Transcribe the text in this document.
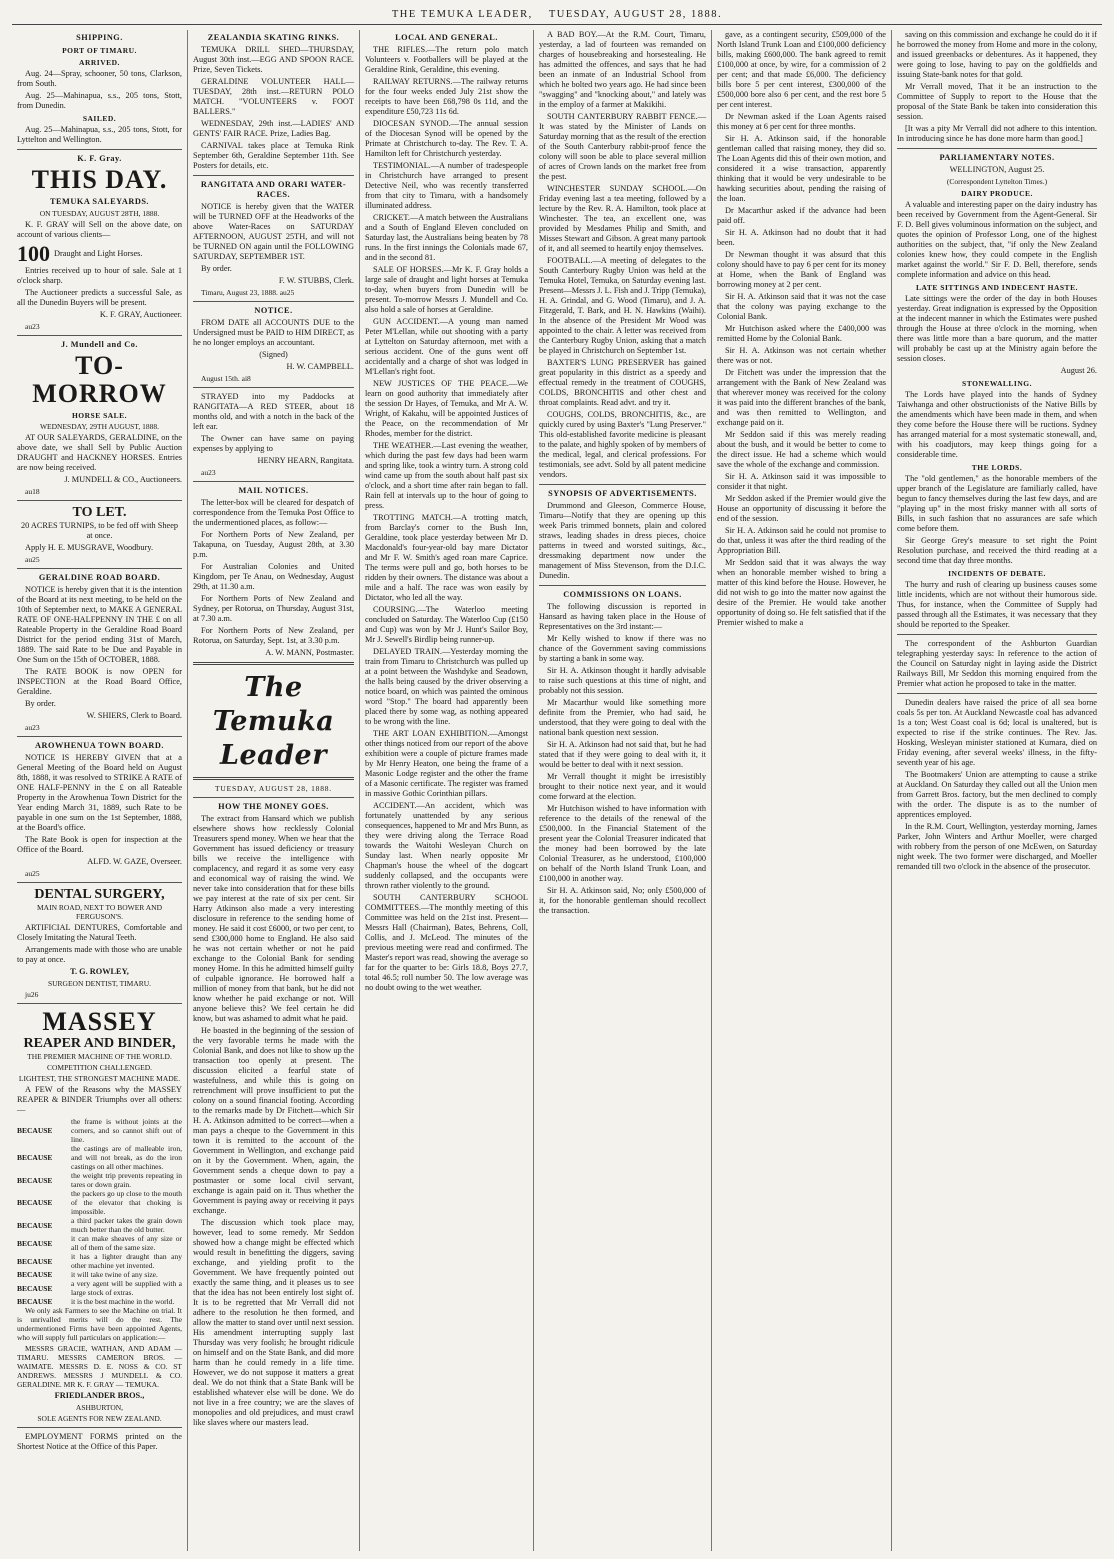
THE TEMUKA LEADER, TUESDAY, AUGUST 28, 1888.
SHIPPING.
PORT OF TIMARU.
ARRIVED.

Aug. 24—Spray, schooner, 50 tons, Clarkson, from South.

Aug. 25—Mahinapua, s.s., 205 tons, Stott, from Dunedin.

SAILED.

Aug. 25—Mahinapua, s.s., 205 tons, Stott, for Lyttelton and Wellington.

K. F. Gray.
THIS DAY.
TEMUKA SALEYARDS.

ON TUESDAY, AUGUST 28TH, 1888.

K. F. GRAY will Sell on the above date, on account of various clients—

100 Draught and Light Horses.

Entries received up to hour of sale. Sale at 1 o'clock sharp.

The Auctioneer predicts a successful Sale, as all the Dunedin Buyers will be present.

K. F. GRAY, Auctioneer.

au23

J. Mundell and Co.
TO-MORROW
HORSE SALE.

WEDNESDAY, 29TH AUGUST, 1888.

AT OUR SALEYARDS, GERALDINE, on the above date, we shall Sell by Public Auction DRAUGHT and HACKNEY HORSES. Entries are now being received.

J. MUNDELL & CO., Auctioneers.

au18

TO LET.

20 ACRES TURNIPS, to be fed off with Sheep at once.

Apply H. E. MUSGRAVE, Woodbury.

au25

GERALDINE ROAD BOARD.

NOTICE is hereby given that it is the intention of the Board at its next meeting, to be held on the 10th of September next, to MAKE A GENERAL RATE OF ONE-HALFPENNY IN THE £ on all Rateable Property in the Geraldine Road Board District for the period ending 31st of March, 1889. The said Rate to be Due and Payable in One Sum on the 15th of OCTOBER, 1888.

The RATE BOOK is now OPEN for INSPECTION at the Road Board Office, Geraldine.

By order.

W. SHIERS, Clerk to Board.

au23

AROWHENUA TOWN BOARD.

NOTICE IS HEREBY GIVEN that at a General Meeting of the Board held on August 8th, 1888, it was resolved to STRIKE A RATE of ONE HALF-PENNY in the £ on all Rateable Property in the Arowhenua Town District for the Year ending March 31, 1889, such Rate to be payable in one sum on the 1st September, 1888, at the Board's office.

The Rate Book is open for inspection at the Office of the Board.

ALFD. W. GAZE, Overseer.

au25

DENTAL SURGERY,

MAIN ROAD, NEXT TO BOWER AND FERGUSON'S.

ARTIFICIAL DENTURES, Comfortable and Closely Imitating the Natural Teeth.

Arrangements made with those who are unable to pay at once.

T. G. ROWLEY,

SURGEON DENTIST, TIMARU.

ju26

MASSEY
REAPER AND BINDER,

THE PREMIER MACHINE OF THE WORLD.

COMPETITION CHALLENGED.

LIGHTEST, THE STRONGEST MACHINE MADE.

A FEW of the Reasons why the MASSEY REAPER & BINDER Triumphs over all others:—

BECAUSE
the frame is without joints at the corners, and so cannot shift out of line.
BECAUSE
the castings are of malleable iron, and will not break, as do the iron castings on all other machines.
BECAUSE	the weight trip prevents repeating in tares or down grain.
BECAUSE
the packers go up close to the mouth of the elevator that choking is impossible.
BECAUSE	a third packer takes the grain down much better than the old butter.
BECAUSE	it can make sheaves of any size or all of them of the same size.
BECAUSE	it has a lighter draught than any other machine yet invented.
BECAUSE	it will take twine of any size.
BECAUSE	a very agent will be supplied with a large stock of extras.
BECAUSE	it is the best machine in the world.

We only ask Farmers to see the Machine on trial. It is unrivalled merits will do the rest. The undermentioned Firms have been appointed Agents, who will supply full particulars on application:—

MESSRS GRACIE, WATHAN, AND ADAM — TIMARU. MESSRS CAMERON BROS. — WAIMATE. MESSRS D. E. NOSS & CO. ST ANDREWS. MESSRS J MUNDELL & CO. GERALDINE. MR K. F. GRAY — TEMUKA.

FRIEDLANDER BROS.,

ASHBURTON,

SOLE AGENTS FOR NEW ZEALAND.

EMPLOYMENT FORMS printed on the Shortest Notice at the Office of this Paper.

ZEALANDIA SKATING RINKS.

TEMUKA DRILL SHED—THURSDAY, August 30th inst.—EGG AND SPOON RACE. Prize, Seven Tickets.

GERALDINE VOLUNTEER HALL—TUESDAY, 28th inst.—RETURN POLO MATCH. "VOLUNTEERS v. FOOT BALLERS."

WEDNESDAY, 29th inst.—LADIES' AND GENTS' FAIR RACE. Prize, Ladies Bag.

CARNIVAL takes place at Temuka Rink September 6th, Geraldine September 11th. See Posters for details, etc.

RANGITATA AND ORARI WATER-RACES.

NOTICE is hereby given that the WATER will be TURNED OFF at the Headworks of the above Water-Races on SATURDAY AFTERNOON, AUGUST 25TH, and will not be TURNED ON again until the FOLLOWING SATURDAY, SEPTEMBER 1ST.

By order.

F. W. STUBBS, Clerk.

Timaru, August 23, 1888. au25

NOTICE.

FROM DATE all ACCOUNTS DUE to the Undersigned must be PAID to HIM DIRECT, as he no longer employs an accountant.

(Signed)

H. W. CAMPBELL.

August 15th. ai8

STRAYED into my Paddocks at RANGITATA—A RED STEER, about 18 months old, and with a notch in the back of the left ear.

The Owner can have same on paying expenses by applying to

HENRY HEARN, Rangitata.

au23

MAIL NOTICES.

The letter-box will be cleared for despatch of correspondence from the Temuka Post Office to the undermentioned places, as follow:—

For Northern Ports of New Zealand, per Takapuna, on Tuesday, August 28th, at 3.30 p.m.

For Australian Colonies and United Kingdom, per Te Anau, on Wednesday, August 29th, at 11.30 a.m.

For Northern Ports of New Zealand and Sydney, per Rotorua, on Thursday, August 31st, at 7.30 a.m.

For Northern Ports of New Zealand, per Rotorua, on Saturday, Sept. 1st, at 3.30 p.m.

A. W. MANN, Postmaster.

The Temuka Leader

TUESDAY, AUGUST 28, 1888.

HOW THE MONEY GOES.

The extract from Hansard which we publish elsewhere shows how recklessly Colonial Treasurers spend money. When we hear that the Government has issued deficiency or treasury bills we receive the intelligence with complacency, and regard it as some very easy and economical way of raising the wind. We never take into consideration that for these bills we pay interest at the rate of six per cent. Sir Harry Atkinson also made a very interesting disclosure in reference to the sending home of money. He said it cost £6000, or two per cent, to send £300,000 home to England. He also said he was not certain whether or not he paid exchange to the Colonial Bank for sending money Home. In this he admitted himself guilty of culpable ignorance. He borrowed half a million of money from that bank, but he did not know whether he paid exchange or not. Will anyone believe this? We feel certain he did know, but was ashamed to admit what he paid.

He boasted in the beginning of the session of the very favorable terms he made with the Colonial Bank, and does not like to show up the transaction too openly at present. The discussion elicited a fearful state of wastefulness, and while this is going on retrenchment will prove insufficient to put the colony on a sound financial footing. According to the remarks made by Dr Fitchett—which Sir H. A. Atkinson admitted to be correct—when a man pays a cheque to the Government in this town it is remitted to the account of the Government in Wellington, and exchange paid on it by the Government. When, again, the Government sends a cheque down to pay a postmaster or some local civil servant, exchange is again paid on it. Thus whether the Government is paying away or receiving it pays exchange.

The discussion which took place may, however, lead to some remedy. Mr Seddon showed how a change might be effected which would result in benefitting the diggers, saving exchange, and yielding profit to the Government. We have frequently pointed out exactly the same thing, and it pleases us to see that the idea has not been entirely lost sight of. It is to be regretted that Mr Verrall did not adhere to the resolution he then formed, and allow the matter to stand over until next session. His amendment interrupting supply last Thursday was very foolish; he brought ridicule on himself and on the State Bank, and did more harm than he could remedy in a life time. However, we do not suppose it matters a great deal. We do not think that a State Bank will be established whatever else will be done. We do not live in a free country; we are the slaves of monopolies and old prejudices, and must crawl like slaves where our masters lead.

LOCAL AND GENERAL.

THE RIFLES.—The return polo match Volunteers v. Footballers will be played at the Geraldine Rink, Geraldine, this evening.

RAILWAY RETURNS.—The railway returns for the four weeks ended July 21st show the receipts to have been £68,798 0s 11d, and the expenditure £50,723 11s 6d.

DIOCESAN SYNOD.—The annual session of the Diocesan Synod will be opened by the Primate at Christchurch to-day. The Rev. T. A. Hamilton left for Christchurch yesterday.

TESTIMONIAL.—A number of tradespeople in Christchurch have arranged to present Detective Neil, who was recently transferred from that city to Timaru, with a handsomely illuminated address.

CRICKET.—A match between the Australians and a South of England Eleven concluded on Saturday last, the Australians being beaten by 78 runs. In the first innings the Colonials made 67, and in the second 81.

SALE OF HORSES.—Mr K. F. Gray holds a large sale of draught and light horses at Temuka to-day, when buyers from Dunedin will be present. To-morrow Messrs J. Mundell and Co. also hold a sale of horses at Geraldine.

GUN ACCIDENT.—A young man named Peter M'Lellan, while out shooting with a party at Lyttelton on Saturday afternoon, met with a serious accident. One of the guns went off accidentally and a charge of shot was lodged in M'Lellan's right foot.

NEW JUSTICES OF THE PEACE.—We learn on good authority that immediately after the session Dr Hayes, of Temuka, and Mr A. W. Wright, of Kakahu, will be appointed Justices of the Peace, on the recommendation of Mr Rhodes, member for the district.

THE WEATHER.—Last evening the weather, which during the past few days had been warm and spring like, took a wintry turn. A strong cold wind came up from the south about half past six o'clock, and a short time after rain began to fall. Rain fell at intervals up to the hour of going to press.

TROTTING MATCH.—A trotting match, from Barclay's corner to the Bush Inn, Geraldine, took place yesterday between Mr D. Macdonald's four-year-old bay mare Dictator and Mr F. W. Smith's aged roan mare Caprice. The terms were pull and go, both horses to be ridden by their owners. The distance was about a mile and a half. The race was won easily by Dictator, who led all the way.

COURSING.—The Waterloo meeting concluded on Saturday. The Waterloo Cup (£150 and Cup) was won by Mr J. Hunt's Sailor Boy, Mr J. Sewell's Birdlip being runner-up.

DELAYED TRAIN.—Yesterday morning the train from Timaru to Christchurch was pulled up at a point between the Washdyke and Seadown, the halls being caused by the driver observing a notice board, on which was painted the ominous word "Stop." The board had apparently been placed there by some wag, as nothing appeared to be wrong with the line.

THE ART LOAN EXHIBITION.—Amongst other things noticed from our report of the above exhibition were a couple of picture frames made by Mr Henry Heaton, one being the frame of a Masonic Lodge register and the other the frame of a Masonic certificate. The register was framed in massive Gothic Corinthian pillars.

ACCIDENT.—An accident, which was fortunately unattended by any serious consequences, happened to Mr and Mrs Bunn, as they were driving along the Terrace Road towards the Waitohi Wesleyan Church on Sunday last. When nearly opposite Mr Chapman's house the wheel of the dogcart suddenly collapsed, and the occupants were thrown rather violently to the ground.

SOUTH CANTERBURY SCHOOL COMMITTEES.—The monthly meeting of this Committee was held on the 21st inst. Present—Messrs Hall (Chairman), Bates, Behrens, Coll, Collis, and J. McLeod. The minutes of the previous meeting were read and confirmed. The Master's report was read, showing the average so far for the quarter to be: Girls 18.8, Boys 27.7, total 46.5; roll number 50. The low average was no doubt owing to the wet weather.

A BAD BOY.—At the R.M. Court, Timaru, yesterday, a lad of fourteen was remanded on charges of housebreaking and horsestealing. He has admitted the offences, and says that he had been an inmate of an Industrial School from which he bolted two years ago. He had since been "swagging" and "knocking about," and lately was in the employ of a farmer at Makikihi.

SOUTH CANTERBURY RABBIT FENCE.—It was stated by the Minister of Lands on Saturday morning that as the result of the erection of the South Canterbury rabbit-proof fence the colony will soon be able to place several million of acres of Crown lands on the market free from the pest.

WINCHESTER SUNDAY SCHOOL.—On Friday evening last a tea meeting, followed by a lecture by the Rev. R. A. Hamilton, took place at Winchester. The tea, an excellent one, was provided by Mesdames Philip and Smith, and Misses Stewart and Gibson. A great many partook of it, and all seemed to heartily enjoy themselves.

FOOTBALL.—A meeting of delegates to the South Canterbury Rugby Union was held at the Temuka Hotel, Temuka, on Saturday evening last. Present—Messrs J. L. Fish and J. Tripp (Temuka), H. A. Grindal, and G. Wood (Timaru), and J. A. Fitzgerald, T. Bark, and H. N. Hawkins (Waihi). In the absence of the President Mr Wood was appointed to the chair. A letter was received from the Canterbury Rugby Union, asking that a match be played in Christchurch on September 1st.

BAXTER'S LUNG PRESERVER has gained great popularity in this district as a speedy and effectual remedy in the treatment of COUGHS, COLDS, BRONCHITIS and other chest and throat complaints. Read advt. and try it.

COUGHS, COLDS, BRONCHITIS, &c., are quickly cured by using Baxter's "Lung Preserver." This old-established favorite medicine is pleasant to the palate, and highly spoken of by members of the medical, legal, and clerical professions. For testimonials, see advt. Sold by all patent medicine vendors.

SYNOPSIS OF ADVERTISEMENTS.

Drummond and Gleeson, Commerce House, Timaru—Notify that they are opening up this week Paris trimmed bonnets, plain and colored straws, leading shades in dress pieces, choice patterns in tweed and worsted suitings, &c., dressmaking department now under the management of Miss Stevenson, from the D.I.C. Dunedin.

COMMISSIONS ON LOANS.

The following discussion is reported in Hansard as having taken place in the House of Representatives on the 3rd instant:—

Mr Kelly wished to know if there was no chance of the Government saving commissions by starting a bank in some way.

Sir H. A. Atkinson thought it hardly advisable to raise such questions at this time of night, and probably not this session.

Mr Macarthur would like something more definite from the Premier, who had said, he understood, that they were going to deal with the national bank question next session.

Sir H. A. Atkinson had not said that, but he had stated that if they were going to deal with it, it would be better to deal with it next session.

Mr Verrall thought it might be irresistibly brought to their notice next year, and it would come forward at the election.

Mr Hutchison wished to have information with reference to the details of the renewal of the £500,000. In the Financial Statement of the present year the Colonial Treasurer indicated that the money had been borrowed by the late Colonial Treasurer, as he understood, £100,000 on behalf of the North Island Trunk Loan, and £100,000 in another way.

Sir H. A. Atkinson said, No; only £500,000 of it, for the honorable gentleman should recollect the transaction.

gave, as a contingent security, £509,000 of the North Island Trunk Loan and £100,000 deficiency bills, making £600,000. The bank agreed to remit £100,000 at once, by wire, for a commission of 2 per cent; and that made £6,000. The deficiency bills bore 5 per cent interest, £300,000 of the £500,000 bore also 6 per cent, and the rest bore 5 per cent interest.

Dr Newman asked if the Loan Agents raised this money at 6 per cent for three months.

Sir H. A. Atkinson said, if the honorable gentleman called that raising money, they did so. The Loan Agents did this of their own motion, and considered it a wise transaction, apparently thinking that it would be very undesirable to be hawking securities about, pending the raising of the loan.

Dr Macarthur asked if the advance had been paid off.

Sir H. A. Atkinson had no doubt that it had been.

Dr Newman thought it was absurd that this colony should have to pay 6 per cent for its money at Home, when the Bank of England was borrowing money at 2 per cent.

Sir H. A. Atkinson said that it was not the case that the colony was paying exchange to the Colonial Bank.

Mr Hutchison asked where the £400,000 was remitted Home by the Colonial Bank.

Sir H. A. Atkinson was not certain whether there was or not.

Dr Fitchett was under the impression that the arrangement with the Bank of New Zealand was that wherever money was received for the colony it was paid into the different branches of the bank, and was then remitted to Wellington, and exchange paid on it.

Mr Seddon said if this was merely reading about the bush, and it would be better to come to the direct issue. He had a scheme which would save the whole of the exchange and commission.

Sir H. A. Atkinson said it was impossible to consider it that night.

Mr Seddon asked if the Premier would give the House an opportunity of discussing it before the end of the session.

Sir H. A. Atkinson said he could not promise to do that, unless it was after the third reading of the Appropriation Bill.

Mr Seddon said that it was always the way when an honorable member wished to bring a matter of this kind before the House. However, he did not wish to go into the matter now against the desire of the Premier. He would take another opportunity of doing so. He felt satisfied that if the Premier wished to make a

saving on this commission and exchange he could do it if he borrowed the money from Home and more in the colony, and issued greenbacks or debentures. As it happened, they were going to lose, having to pay on the goldfields and issuing State-bank notes for that gold.

Mr Verrall moved, That it be an instruction to the Committee of Supply to report to the House that the proposal of the State Bank be taken into consideration this session.

[It was a pity Mr Verrall did not adhere to this intention. In introducing since he has done more harm than good.]

PARLIAMENTARY NOTES.

WELLINGTON, August 25.

(Correspondent Lyttelton Times.)

DAIRY PRODUCE.

A valuable and interesting paper on the dairy industry has been received by Government from the Agent-General. Sir F. D. Bell gives voluminous information on the subject, and quotes the opinion of Professor Long, one of the highest authorities on the subject, that, "if only the New Zealand colonies knew how, they could compete in the English market against the world." Sir F. D. Bell, therefore, sends complete information and advice on this head.

LATE SITTINGS AND INDECENT HASTE.

Late sittings were the order of the day in both Houses yesterday. Great indignation is expressed by the Opposition at the indecent manner in which the Estimates were pushed through the House at three o'clock in the morning, when there was little more than a bare quorum, and the matter will probably be cast up at the Ministry again before the session closes.

August 26.

STONEWALLING.

The Lords have played into the hands of Sydney Taiwhanga and other obstructionists of the Native Bills by the amendments which have been made in them, and when they come before the House there will be ructions. Sydney has arranged material for a most systematic stonewall, and, with his coadjutors, may keep things going for a considerable time.

THE LORDS.

The "old gentlemen," as the honorable members of the upper branch of the Legislature are familiarly called, have begun to fancy themselves during the last few days, and are "playing up" in the most frisky manner with all sorts of Bills, in such fashion that no assurances are safe which come before them.

Sir George Grey's measure to set right the Point Resolution purchase, and received the third reading at a second time that day three months.

INCIDENTS OF DEBATE.

The hurry and rush of clearing up business causes some little incidents, which are not without their humorous side. Thus, for instance, when the Committee of Supply had passed through all the Estimates, it was necessary that they should be reported to the Speaker.

The correspondent of the Ashburton Guardian telegraphing yesterday says: In reference to the action of the Council on Saturday night in laying aside the District Railways Bill, Mr Seddon this morning enquired from the Premier what action he proposed to take in the matter.

Dunedin dealers have raised the price of all sea borne coals 5s per ton. At Auckland Newcastle coal has advanced 1s a ton; West Coast coal is 6d; local is unaltered, but is expected to rise if the strike continues. The Rev. Jas. Hosking, Wesleyan minister stationed at Kumara, died on Friday evening, after several weeks' illness, in the fifty-seventh year of his age.

The Bootmakers' Union are attempting to cause a strike at Auckland. On Saturday they called out all the Union men from Garrett Bros. factory, but the men declined to comply with the order. The dispute is as to the number of apprentices employed.

In the R.M. Court, Wellington, yesterday morning, James Parker, John Winters and Arthur Moeller, were charged with robbery from the person of one McEwen, on Saturday night week. The two former were discharged, and Moeller remanded till two o'clock in the absence of the prosecutor.
